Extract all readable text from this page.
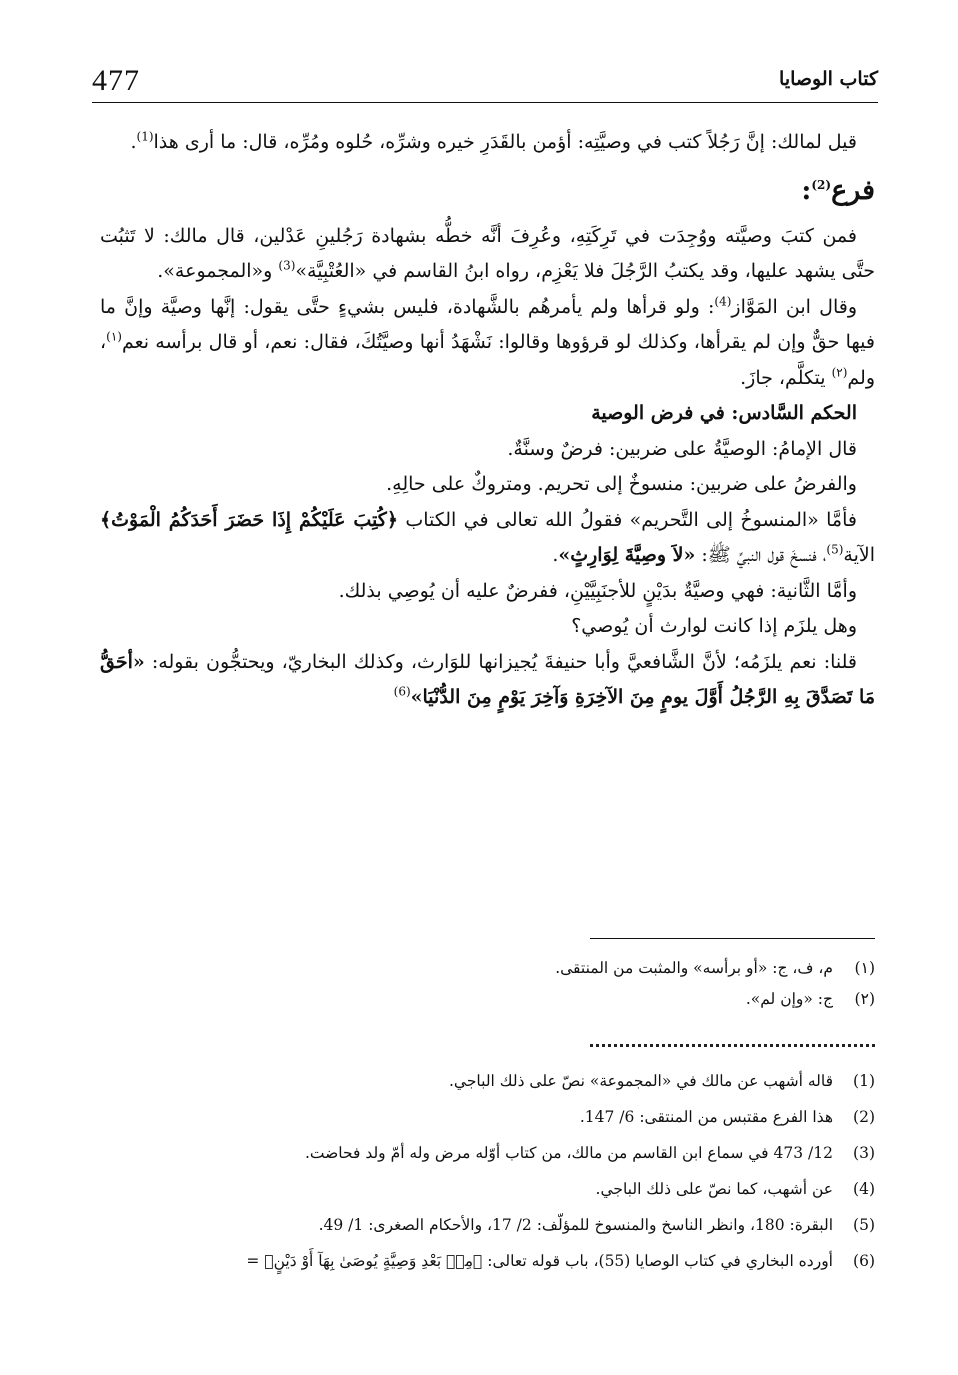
477	كتاب الوصايا

قيل لمالك: إنَّ رَجُلاً كتب في وصيَّتِه: أؤمن بالقَدَرِ خيره وشرِّه، حُلوه ومُرِّه، قال: ما أرى هذا$^{(1)}$.

فرع$^{(2)}$:

فمن كتبَ وصيَّته ووُجِدَت في تَرِكَتِهِ، وعُرِفَ أنَّه خطُّه بشهادة رَجُلينِ عَدْلين، قال مالك: لا تَثبُت حتَّى يشهد عليها، وقد يكتبُ الرَّجُلَ فلا يَعْزِم، رواه ابنُ القاسم في «العُتْبِيَّة»$^{(3)}$ و«المجموعة».

وقال ابن المَوَّاز$^{(4)}$: ولو قرأها ولم يأمرهُم بالشَّهادة، فليس بشيءٍ حتَّى يقول: إنَّها وصيَّة وإنَّ ما فيها حقٌّ وإن لم يقرأها، وكذلك لو قرؤوها وقالوا: نَشْهَدُ أنها وصيَّتُكَ، فقال: نعم، أو قال برأسه نعم$^{(١)}$، ولم$^{(٢)}$ يتكلَّم، جازَ.

الحكم السَّادس: في فرض الوصية

قال الإمامُ: الوصيَّةُ على ضربين: فرضٌ وسنَّةٌ.

والفرضُ على ضربين: منسوخٌ إلى تحريم. ومتروكٌ على حالِهِ.

فأمَّا «المنسوخُ إلى التَّحريم» فقولُ الله تعالى في الكتاب ﴿كُتِبَ عَلَيْكُمْ إِذَا حَضَرَ أَحَدَكُمُ الْمَوْتُ﴾ الآية$^{(5)}$، فنسخَ قول النبيِّ ﷺ: «لاَ وصِيَّةَ لِوَارِثٍ».

وأمَّا الثَّانية: فهي وصيَّةٌ بدَيْنٍ للأجنَبِيَّيْنِ، ففرضٌ عليه أن يُوصِي بذلك.

وهل يلزَم إذا كانت لوارث أن يُوصي؟

قلنا: نعم يلزَمُه؛ لأنَّ الشَّافعيَّ وأبا حنيفةَ يُجيزانها للوَارث، وكذلك البخاريّ، ويحتجُّون بقوله: «أحَقُّ مَا تَصَدَّقَ بِهِ الرَّجُلُ أَوَّلَ يومٍ مِنَ الآخِرَةِ وَآخِرَ يَوْمٍ مِنَ الدُّنْيَا»$^{(6)}$

(١)
م، ف، ج: «أو برأسه» والمثبت من المنتقى.
(٢)
ج: «وإن لم».
(1)
قاله أشهب عن مالك في «المجموعة» نصّ على ذلك الباجي.
(2)
هذا الفرع مقتبس من المنتقى: 6/ 147.
(3)
12/ 473 في سماع ابن القاسم من مالك، من كتاب أوّله مرض وله أمّ ولد فحاضت.
(4)
عن أشهب، كما نصّ على ذلك الباجي.
(5)
البقرة: 180، وانظر الناسخ والمنسوخ للمؤلّف: 2/ 17، والأحكام الصغرى: 1/ 49.
(6)
أورده البخاري في كتاب الوصايا (55)، باب قوله تعالى: ﴿مِنۢ بَعْدِ وَصِيَّةٍ يُوصَىٰ بِهَآ أَوْ دَيْنٍ﴾ =
